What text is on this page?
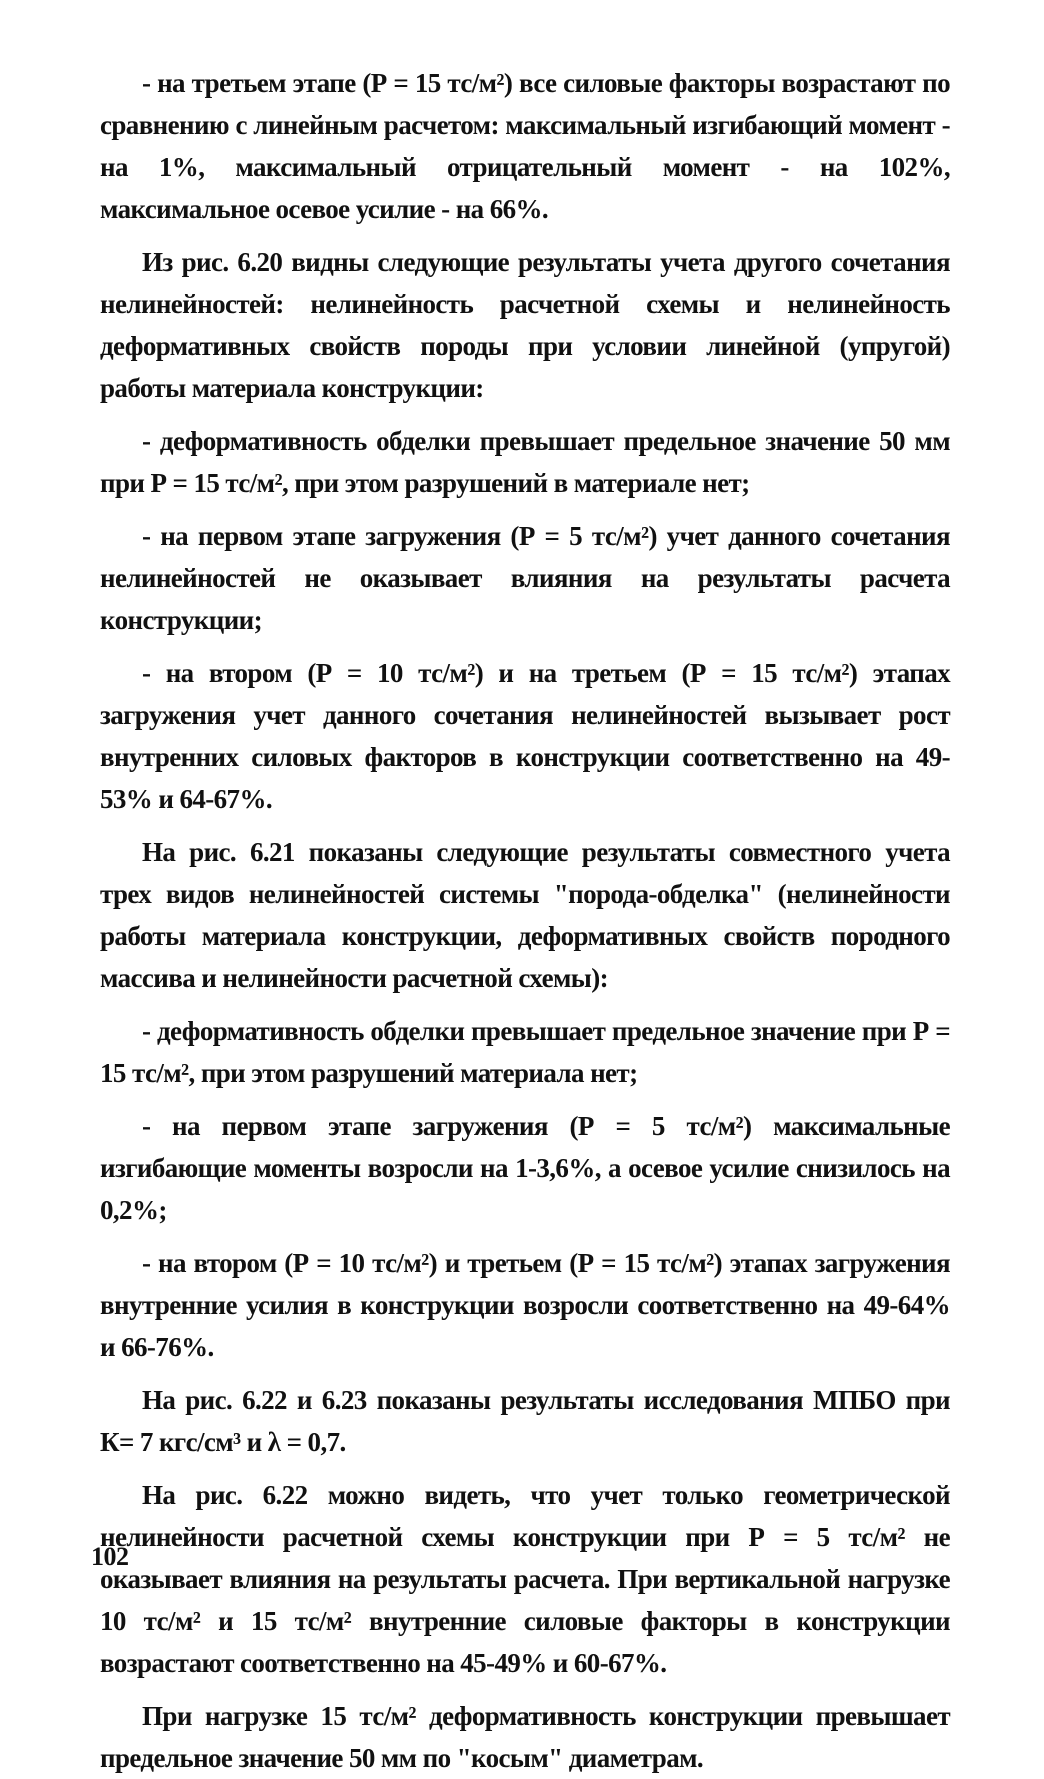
- на третьем этапе (Р = 15 тс/м²) все силовые факторы возрастают по сравнению с линейным расчетом: максимальный изгибающий момент - на 1%, максимальный отрицательный момент - на 102%, максимальное осевое усилие - на 66%.

Из рис. 6.20 видны следующие результаты учета другого сочетания нелинейностей: нелинейность расчетной схемы и нелинейность деформативных свойств породы при условии линейной (упругой) работы материала конструкции:

- деформативность обделки превышает предельное значение 50 мм при Р = 15 тс/м², при этом разрушений в материале нет;

- на первом этапе загружения (Р = 5 тс/м²) учет данного сочетания нелинейностей не оказывает влияния на результаты расчета конструкции;

- на втором (Р = 10 тс/м²) и на третьем (Р = 15 тс/м²) этапах загружения учет данного сочетания нелинейностей вызывает рост внутренних силовых факторов в конструкции соответственно на 49-53% и 64-67%.

На рис. 6.21 показаны следующие результаты совместного учета трех видов нелинейностей системы "порода-обделка" (нелинейности работы материала конструкции, деформативных свойств породного массива и нелинейности расчетной схемы):

- деформативность обделки превышает предельное значение при Р = 15 тс/м², при этом разрушений материала нет;

- на первом этапе загружения (Р = 5 тс/м²) максимальные изгибающие моменты возросли на 1-3,6%, а осевое усилие снизилось на 0,2%;

- на втором (Р = 10 тс/м²) и третьем (Р = 15 тс/м²) этапах загружения внутренние усилия в конструкции возросли соответственно на 49-64% и 66-76%.

На рис. 6.22 и 6.23 показаны результаты исследования МПБО при К= 7 кгс/см³ и λ = 0,7.

На рис. 6.22 можно видеть, что учет только геометрической нелинейности расчетной схемы конструкции при Р = 5 тс/м² не оказывает влияния на результаты расчета. При вертикальной нагрузке 10 тс/м² и 15 тс/м² внутренние силовые факторы в конструкции возрастают соответственно на 45-49% и 60-67%.

При нагрузке 15 тс/м² деформативность конструкции превышает предельное значение 50 мм по "косым" диаметрам.

102
